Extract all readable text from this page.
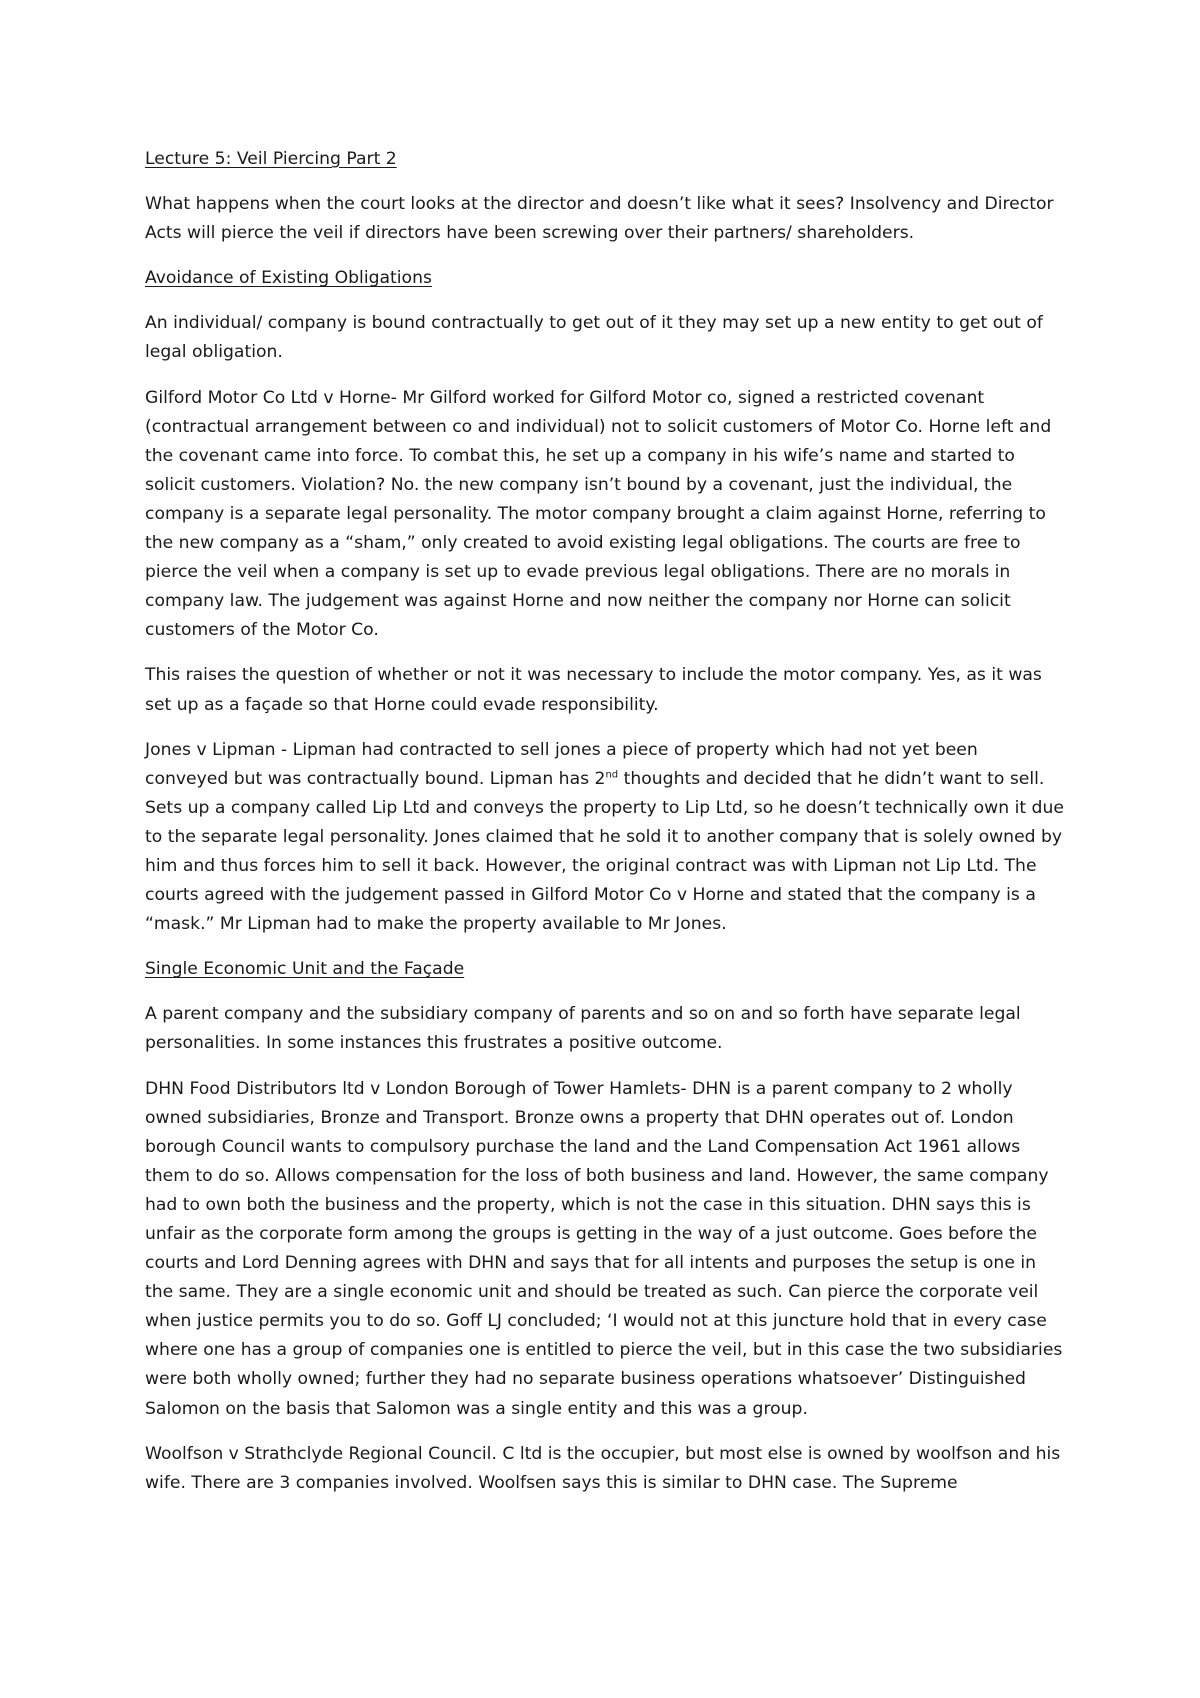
Lecture 5: Veil Piercing Part 2

What happens when the court looks at the director and doesn’t like what it sees? Insolvency and Director Acts will pierce the veil if directors have been screwing over their partners/ shareholders.

Avoidance of Existing Obligations

An individual/ company is bound contractually to get out of it they may set up a new entity to get out of legal obligation.

Gilford Motor Co Ltd v Horne- Mr Gilford worked for Gilford Motor co, signed a restricted covenant (contractual arrangement between co and individual) not to solicit customers of Motor Co. Horne left and the covenant came into force. To combat this, he set up a company in his wife’s name and started to solicit customers. Violation? No. the new company isn’t bound by a covenant, just the individual, the company is a separate legal personality. The motor company brought a claim against Horne, referring to the new company as a “sham,” only created to avoid existing legal obligations. The courts are free to pierce the veil when a company is set up to evade previous legal obligations. There are no morals in company law. The judgement was against Horne and now neither the company nor Horne can solicit customers of the Motor Co.

This raises the question of whether or not it was necessary to include the motor company. Yes, as it was set up as a façade so that Horne could evade responsibility.

Jones v Lipman - Lipman had contracted to sell jones a piece of property which had not yet been conveyed but was contractually bound. Lipman has 2nd thoughts and decided that he didn’t want to sell. Sets up a company called Lip Ltd and conveys the property to Lip Ltd, so he doesn’t technically own it due to the separate legal personality. Jones claimed that he sold it to another company that is solely owned by him and thus forces him to sell it back. However, the original contract was with Lipman not Lip Ltd. The courts agreed with the judgement passed in Gilford Motor Co v Horne and stated that the company is a “mask.” Mr Lipman had to make the property available to Mr Jones.

Single Economic Unit and the Façade

A parent company and the subsidiary company of parents and so on and so forth have separate legal personalities. In some instances this frustrates a positive outcome.

DHN Food Distributors ltd v London Borough of Tower Hamlets- DHN is a parent company to 2 wholly owned subsidiaries, Bronze and Transport. Bronze owns a property that DHN operates out of. London borough Council wants to compulsory purchase the land and the Land Compensation Act 1961 allows them to do so. Allows compensation for the loss of both business and land. However, the same company had to own both the business and the property, which is not the case in this situation. DHN says this is unfair as the corporate form among the groups is getting in the way of a just outcome. Goes before the courts and Lord Denning agrees with DHN and says that for all intents and purposes the setup is one in the same. They are a single economic unit and should be treated as such. Can pierce the corporate veil when justice permits you to do so. Goff LJ concluded; ‘I would not at this juncture hold that in every case where one has a group of companies one is entitled to pierce the veil, but in this case the two subsidiaries were both wholly owned; further they had no separate business operations whatsoever’ Distinguished Salomon on the basis that Salomon was a single entity and this was a group.

Woolfson v Strathclyde Regional Council. C ltd is the occupier, but most else is owned by woolfson and his wife. There are 3 companies involved. Woolfsen says this is similar to DHN case. The Supreme
